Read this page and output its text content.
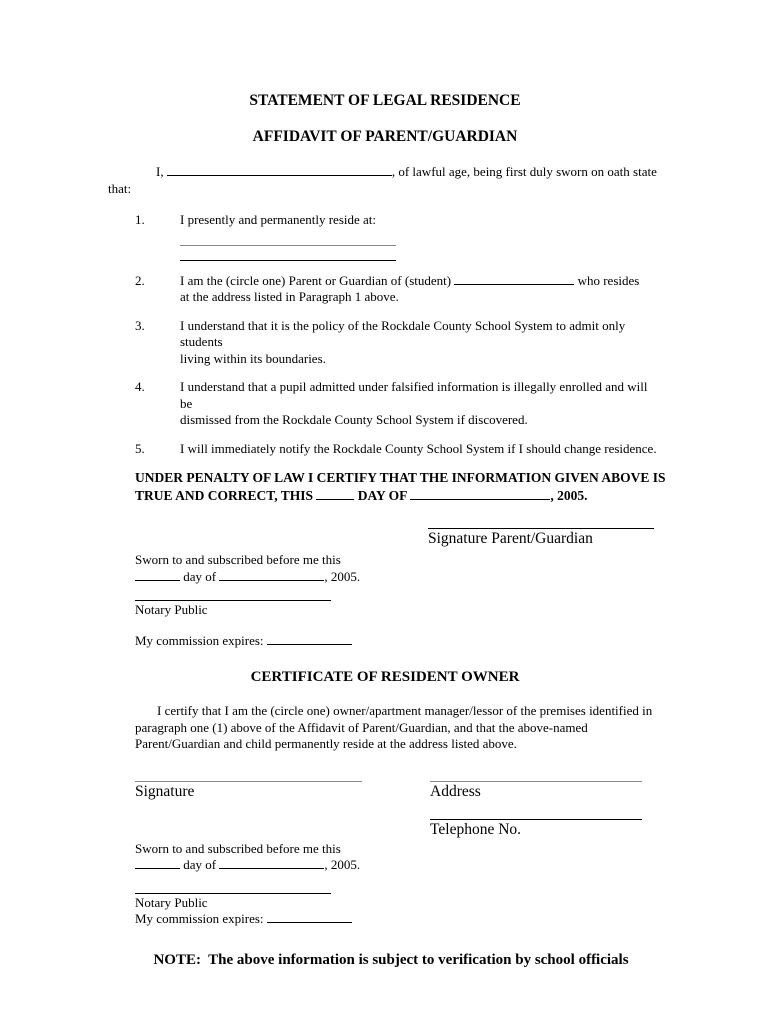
STATEMENT OF LEGAL RESIDENCE
AFFIDAVIT OF PARENT/GUARDIAN

I,	, of lawful age, being first duly sworn on oath state
that:

1.	I presently and permanently reside at:
2.	I am the (circle one) Parent or Guardian of (student)	who resides
at the address listed in Paragraph 1 above.
3.	I understand that it is the policy of the Rockdale County School System to admit only students
living within its boundaries.
4.	I understand that a pupil admitted under falsified information is illegally enrolled and will be
dismissed from the Rockdale County School System if discovered.
5.	I will immediately notify the Rockdale County School System if I should change residence.

UNDER PENALTY OF LAW I CERTIFY THAT THE INFORMATION GIVEN ABOVE IS
TRUE AND CORRECT, THIS	DAY OF	, 2005.

Signature Parent/Guardian
Sworn to and subscribed before me this
day of	, 2005.
Notary Public
My commission expires:
CERTIFICATE OF RESIDENT OWNER

I certify that I am the (circle one) owner/apartment manager/lessor of the premises identified in
paragraph one (1) above of the Affidavit of Parent/Guardian, and that the above-named
Parent/Guardian and child permanently reside at the address listed above.

Signature
Sworn to and subscribed before me this
day of	, 2005.
Address
Telephone No.
Notary Public
My commission expires:

NOTE:  The above information is subject to verification by school officials
